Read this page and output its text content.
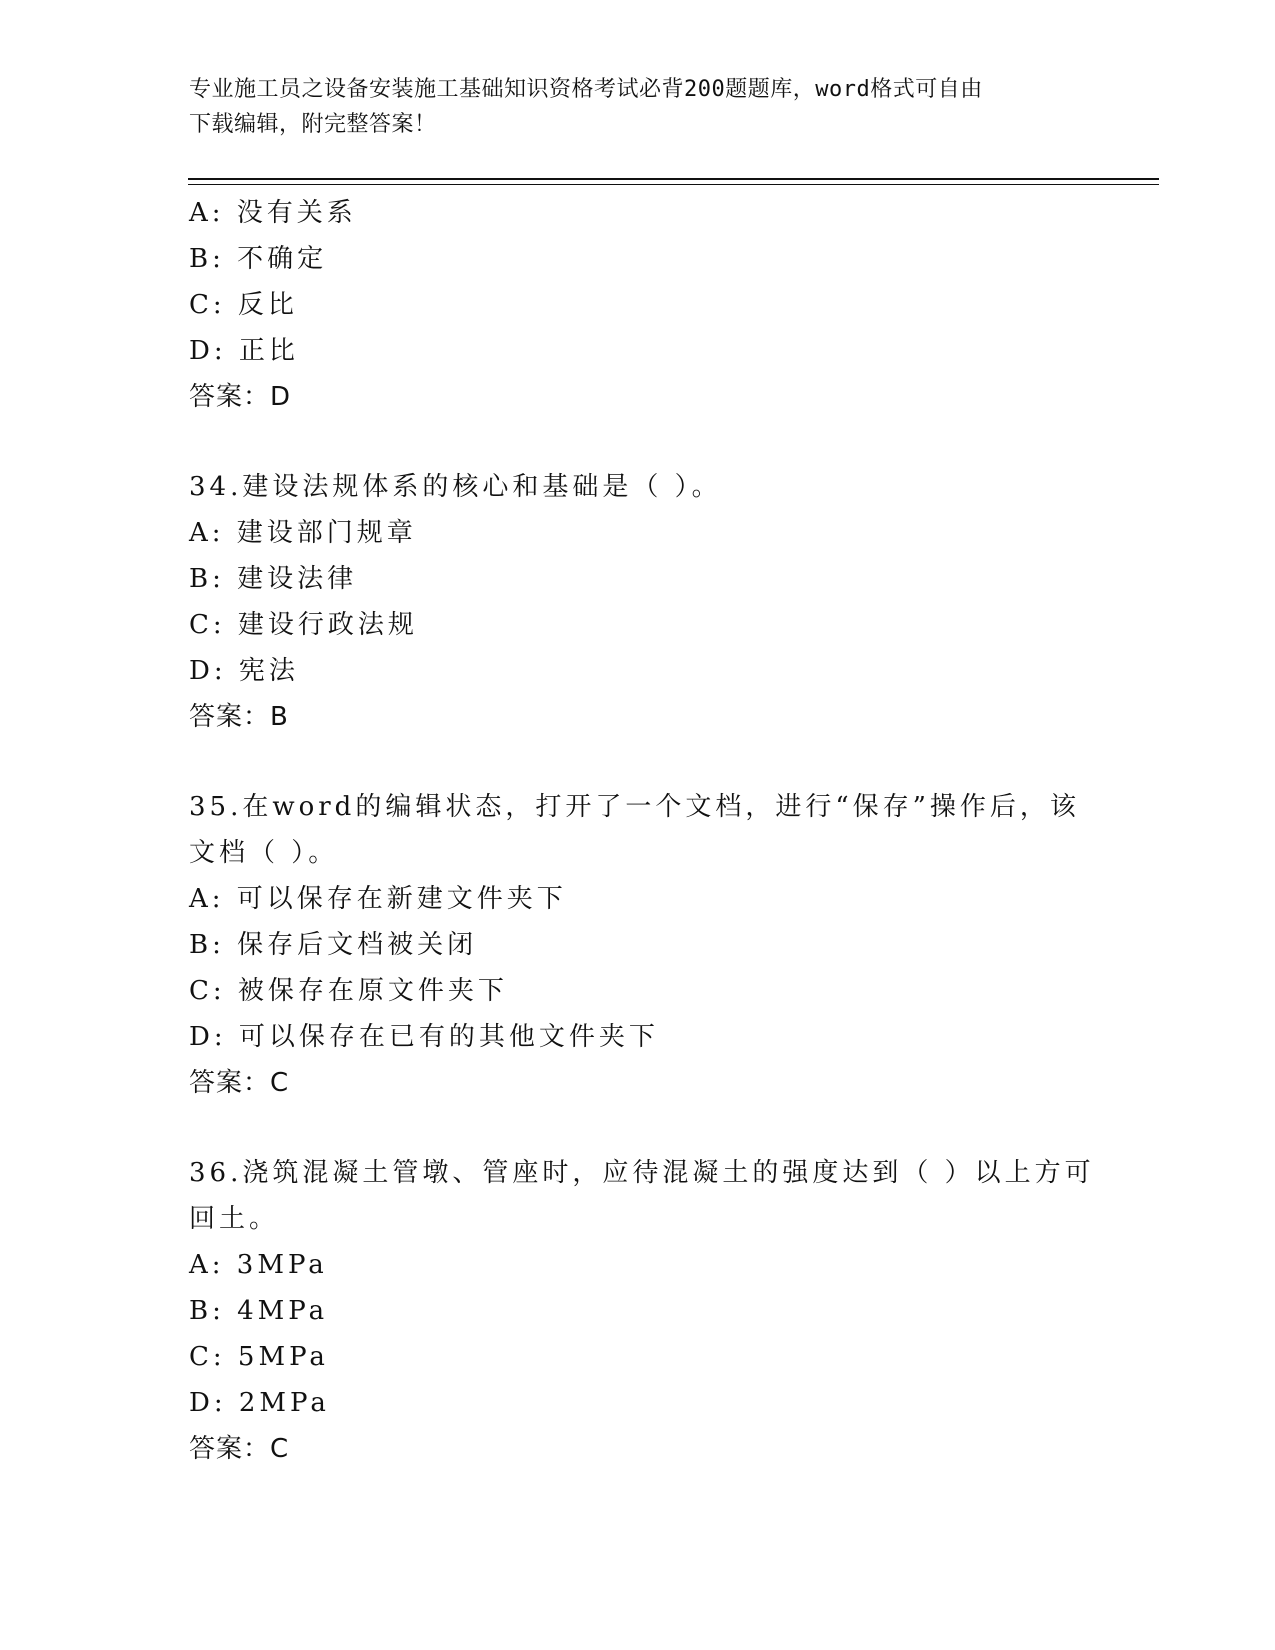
专业施工员之设备安装施工基础知识资格考试必背200题题库，word格式可自由
下载编辑，附完整答案！
A: 没有关系
B: 不确定
C: 反比
D: 正比
答案：D
34.建设法规体系的核心和基础是（ ）。
A: 建设部门规章
B: 建设法律
C: 建设行政法规
D: 宪法
答案：B
35.在word的编辑状态，打开了一个文档，进行“保存”操作后，该
文档（ ）。
A: 可以保存在新建文件夹下
B: 保存后文档被关闭
C: 被保存在原文件夹下
D: 可以保存在已有的其他文件夹下
答案：C
36.浇筑混凝土管墩、管座时，应待混凝土的强度达到（ ）以上方可
回土。
A: 3MPa
B: 4MPa
C: 5MPa
D: 2MPa
答案：C
